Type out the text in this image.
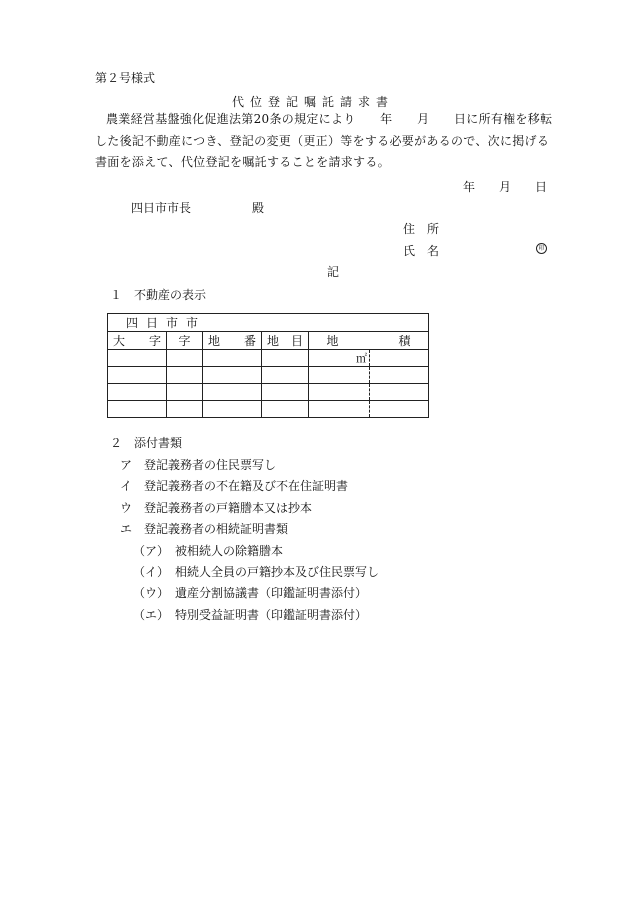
第２号様式
代位登記嘱託請求書
農業経営基盤強化促進法第20条の規定により　　年　　月　　日に所有権を移転した後記不動産につき、登記の変更（更正）等をする必要があるので、次に掲げる書面を添えて、代位登記を嘱託することを請求する。
年 月 日
四日市市長	殿
住　所
氏　名	印
記
１　不動産の表示
四日市市					
大　　字	字	地　　番	地　目	地　　　　　積	
				㎡	

２　添付書類
ア　登記義務者の住民票写し
イ　登記義務者の不在籍及び不在住証明書
ウ　登記義務者の戸籍謄本又は抄本
エ　登記義務者の相続証明書類
（ア）　被相続人の除籍謄本
（イ）　相続人全員の戸籍抄本及び住民票写し
（ウ）　遺産分割協議書（印鑑証明書添付）
（エ）　特別受益証明書（印鑑証明書添付）
